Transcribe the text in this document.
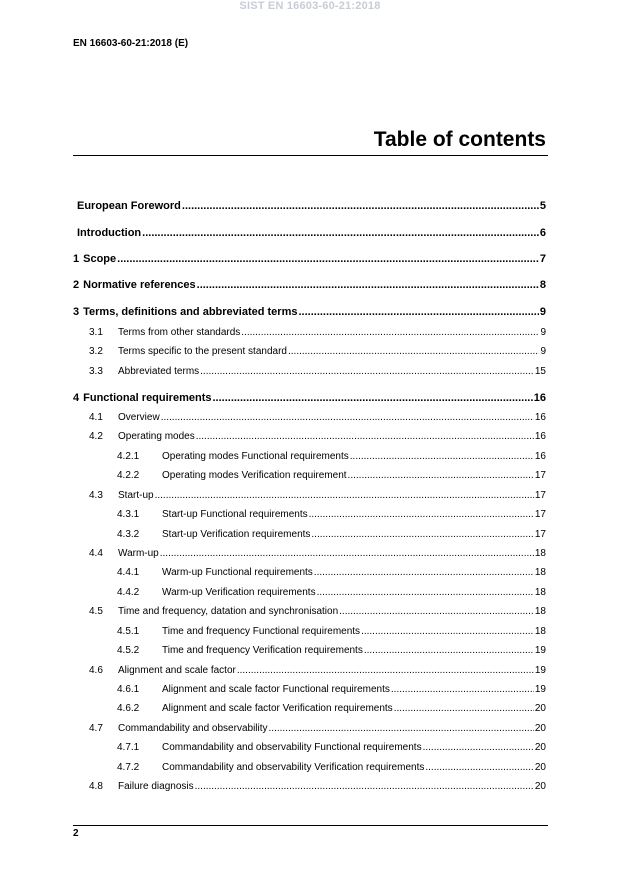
SIST EN 16603-60-21:2018
EN 16603-60-21:2018 (E)
Table of contents
European Foreword .....	5
Introduction .....	6
1 Scope .....	7
2 Normative references .....	8
3 Terms, definitions and abbreviated terms .....	9
3.1	Terms from other standards .....	9
3.2	Terms specific to the present standard .....	9
3.3	Abbreviated terms .....	15
4 Functional requirements .....	16
4.1	Overview .....	16
4.2	Operating modes .....	16
4.2.1	Operating modes Functional requirements .....	16
4.2.2	Operating modes Verification requirement .....	17
4.3	Start-up .....	17
4.3.1	Start-up Functional requirements .....	17
4.3.2	Start-up Verification requirements .....	17
4.4	Warm-up .....	18
4.4.1	Warm-up Functional requirements .....	18
4.4.2	Warm-up Verification requirements .....	18
4.5	Time and frequency, datation and synchronisation .....	18
4.5.1	Time and frequency Functional requirements .....	18
4.5.2	Time and frequency Verification requirements .....	19
4.6	Alignment and scale factor .....	19
4.6.1	Alignment and scale factor Functional requirements .....	19
4.6.2	Alignment and scale factor Verification requirements .....	20
4.7	Commandability and observability .....	20
4.7.1	Commandability and observability Functional requirements .....	20
4.7.2	Commandability and observability Verification requirements .....	20
4.8	Failure diagnosis .....	20
2
